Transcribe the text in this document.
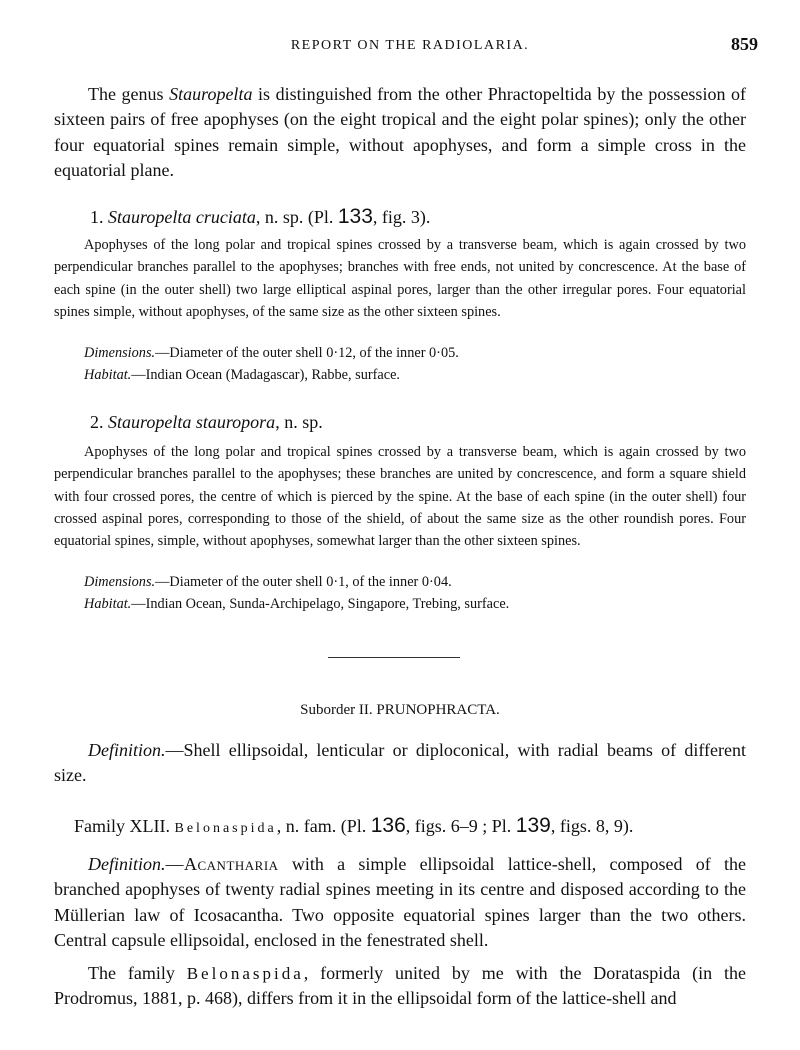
REPORT ON THE RADIOLARIA.	859

The genus Stauropelta is distinguished from the other Phractopeltida by the possession of sixteen pairs of free apophyses (on the eight tropical and the eight polar spines); only the other four equatorial spines remain simple, without apophyses, and form a simple cross in the equatorial plane.

1. Stauropelta cruciata, n. sp. (Pl. 133, fig. 3).

Apophyses of the long polar and tropical spines crossed by a transverse beam, which is again crossed by two perpendicular branches parallel to the apophyses; branches with free ends, not united by concrescence. At the base of each spine (in the outer shell) two large elliptical aspinal pores, larger than the other irregular pores. Four equatorial spines simple, without apophyses, of the same size as the other sixteen spines.

Dimensions.—Diameter of the outer shell 0·12, of the inner 0·05.
Habitat.—Indian Ocean (Madagascar), Rabbe, surface.
2. Stauropelta stauropora, n. sp.

Apophyses of the long polar and tropical spines crossed by a transverse beam, which is again crossed by two perpendicular branches parallel to the apophyses; these branches are united by concrescence, and form a square shield with four crossed pores, the centre of which is pierced by the spine. At the base of each spine (in the outer shell) four crossed aspinal pores, corresponding to those of the shield, of about the same size as the other roundish pores. Four equatorial spines, simple, without apophyses, somewhat larger than the other sixteen spines.

Dimensions.—Diameter of the outer shell 0·1, of the inner 0·04.
Habitat.—Indian Ocean, Sunda-Archipelago, Singapore, Trebing, surface.
Suborder II. PRUNOPHRACTA.

Definition.—Shell ellipsoidal, lenticular or diploconical, with radial beams of different size.

Family XLII. Belonaspida, n. fam. (Pl. 136, figs. 6–9 ; Pl. 139, figs. 8, 9).

Definition.—Acantharia with a simple ellipsoidal lattice-shell, composed of the branched apophyses of twenty radial spines meeting in its centre and disposed according to the Müllerian law of Icosacantha. Two opposite equatorial spines larger than the two others. Central capsule ellipsoidal, enclosed in the fenestrated shell.

The family Belonaspida, formerly united by me with the Dorataspida (in the Prodromus, 1881, p. 468), differs from it in the ellipsoidal form of the lattice-shell and
